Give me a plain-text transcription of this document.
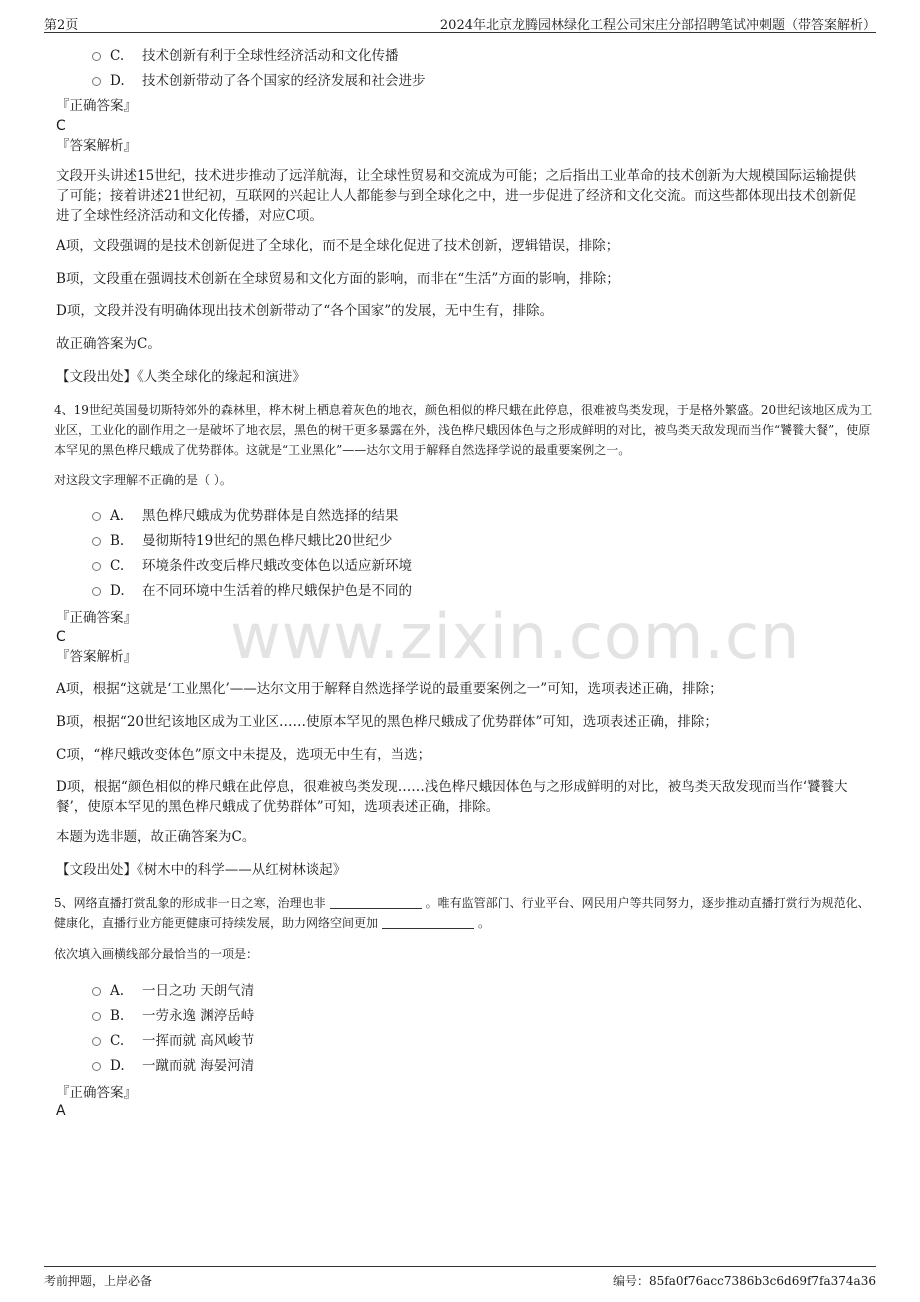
第2页	2024年北京龙腾园林绿化工程公司宋庄分部招聘笔试冲刺题（带答案解析）
www.zixin.com.cn
C. 技术创新有利于全球性经济活动和文化传播
D. 技术创新带动了各个国家的经济发展和社会进步
『正确答案』
C
『答案解析』
文段开头讲述15世纪，技术进步推动了远洋航海，让全球性贸易和交流成为可能；之后指出工业革命的技术创新为大规模国际运输提供了可能；接着讲述21世纪初，互联网的兴起让人人都能参与到全球化之中，进一步促进了经济和文化交流。而这些都体现出技术创新促进了全球性经济活动和文化传播，对应C项。
A项，文段强调的是技术创新促进了全球化，而不是全球化促进了技术创新，逻辑错误，排除；
B项，文段重在强调技术创新在全球贸易和文化方面的影响，而非在“生活”方面的影响，排除；
D项，文段并没有明确体现出技术创新带动了“各个国家”的发展，无中生有，排除。
故正确答案为C。
【文段出处】《人类全球化的缘起和演进》
4、19世纪英国曼切斯特郊外的森林里，桦木树上栖息着灰色的地衣，颜色相似的桦尺蛾在此停息，很难被鸟类发现，于是格外繁盛。20世纪该地区成为工业区，工业化的副作用之一是破坏了地衣层，黑色的树干更多暴露在外，浅色桦尺蛾因体色与之形成鲜明的对比，被鸟类天敌发现而当作“饕餮大餐”，使原本罕见的黑色桦尺蛾成了优势群体。这就是“工业黑化”——达尔文用于解释自然选择学说的最重要案例之一。
对这段文字理解不正确的是（ ）。
A. 黑色桦尺蛾成为优势群体是自然选择的结果
B. 曼彻斯特19世纪的黑色桦尺蛾比20世纪少
C. 环境条件改变后桦尺蛾改变体色以适应新环境
D. 在不同环境中生活着的桦尺蛾保护色是不同的
『正确答案』
C
『答案解析』
A项，根据“这就是‘工业黑化’——达尔文用于解释自然选择学说的最重要案例之一”可知，选项表述正确，排除；
B项，根据“20世纪该地区成为工业区……使原本罕见的黑色桦尺蛾成了优势群体”可知，选项表述正确，排除；
C项，“桦尺蛾改变体色”原文中未提及，选项无中生有，当选；
D项，根据“颜色相似的桦尺蛾在此停息，很难被鸟类发现……浅色桦尺蛾因体色与之形成鲜明的对比，被鸟类天敌发现而当作‘饕餮大餐’，使原本罕见的黑色桦尺蛾成了优势群体”可知，选项表述正确，排除。
本题为选非题，故正确答案为C。
【文段出处】《树木中的科学——从红树林谈起》
5、网络直播打赏乱象的形成非一日之寒，治理也非	。唯有监管部门、行业平台、网民用户等共同努力，逐步推动直播打赏行为规范化、健康化，直播行业方能更健康可持续发展，助力网络空间更加	。
依次填入画横线部分最恰当的一项是：
A. 一日之功 天朗气清
B. 一劳永逸 渊渟岳峙
C. 一挥而就 高风峻节
D. 一蹴而就 海晏河清
『正确答案』
A
考前押题，上岸必备	编号：85fa0f76acc7386b3c6d69f7fa374a36
